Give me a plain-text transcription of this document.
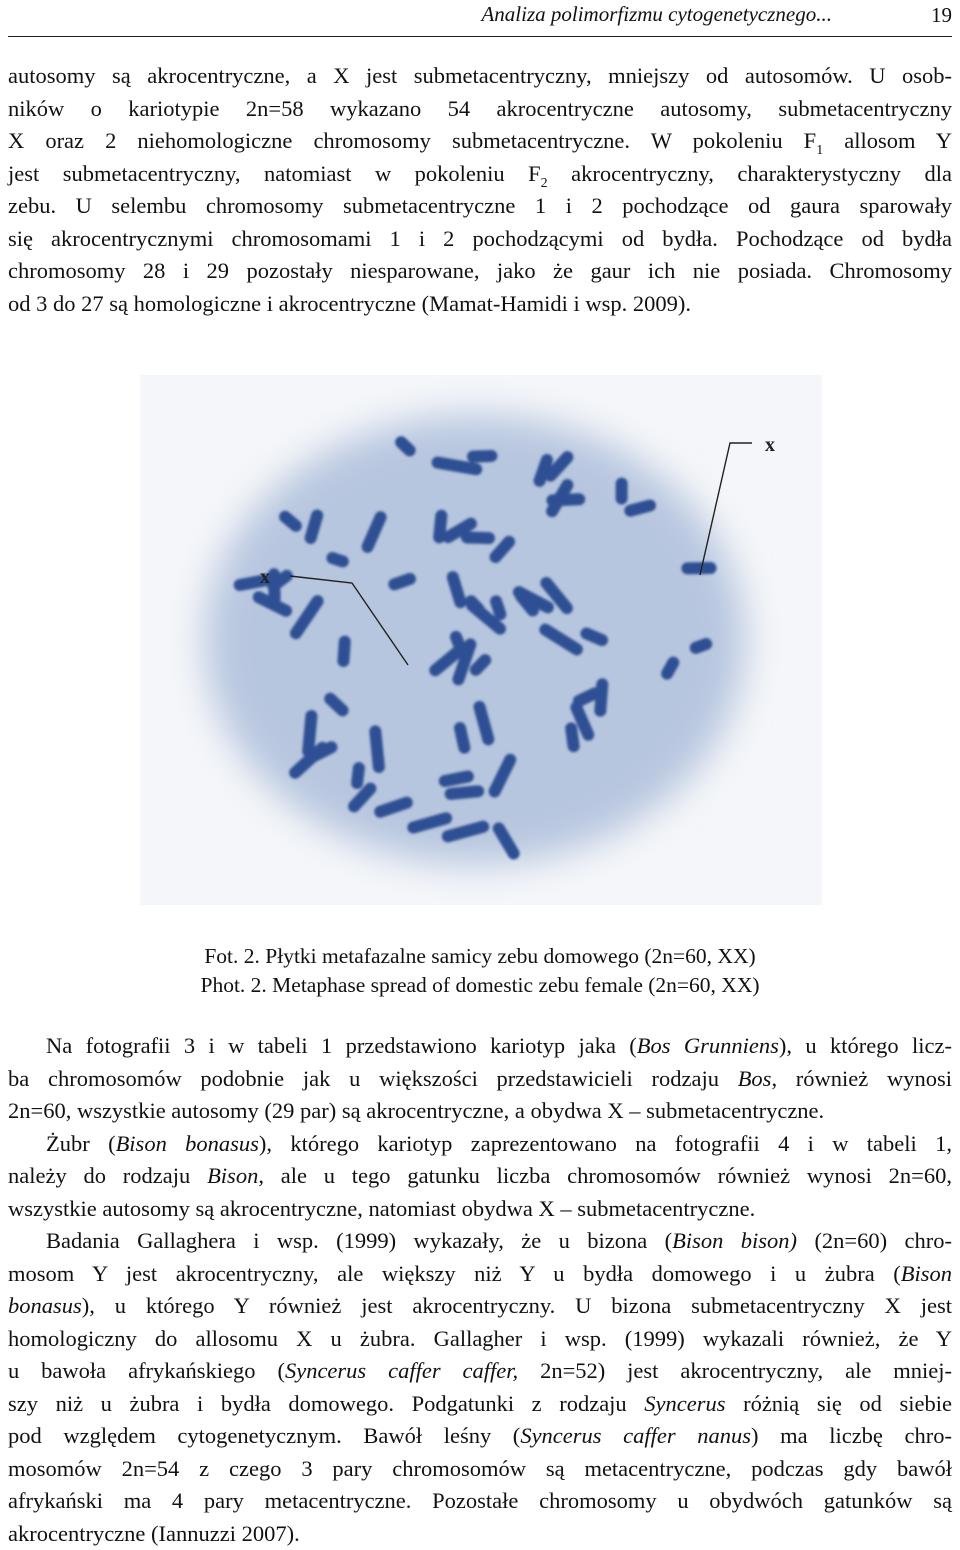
Analiza polimorfizmu cytogenetycznego...	19
autosomy są akrocentryczne, a X jest submetacentryczny, mniejszy od autosomów. U osob-
ników o kariotypie 2n=58 wykazano 54 akrocentryczne autosomy, submetacentryczny
X oraz 2 niehomologiczne chromosomy submetacentryczne. W pokoleniu $F_1$ allosom Y
jest submetacentryczny, natomiast w pokoleniu $F_2$ akrocentryczny, charakterystyczny dla
zebu. U selembu chromosomy submetacentryczne 1 i 2 pochodzące od gaura sparowały
się akrocentrycznymi chromosomami 1 i 2 pochodzącymi od bydła. Pochodzące od bydła
chromosomy 28 i 29 pozostały niesparowane, jako że gaur ich nie posiada. Chromosomy
od 3 do 27 są homologiczne i akrocentryczne (Mamat-Hamidi i wsp. 2009).
x
x
Fot. 2. Płytki metafazalne samicy zebu domowego (2n=60, XX)
Phot. 2. Metaphase spread of domestic zebu female (2n=60, XX)
Na fotografii 3 i w tabeli 1 przedstawiono kariotyp jaka (Bos Grunniens), u którego licz-
ba chromosomów podobnie jak u większości przedstawicieli rodzaju Bos, również wynosi
2n=60, wszystkie autosomy (29 par) są akrocentryczne, a obydwa X – submetacentryczne.
Żubr (Bison bonasus), którego kariotyp zaprezentowano na fotografii 4 i w tabeli 1,
należy do rodzaju Bison, ale u tego gatunku liczba chromosomów również wynosi 2n=60,
wszystkie autosomy są akrocentryczne, natomiast obydwa X – submetacentryczne.
Badania Gallaghera i wsp. (1999) wykazały, że u bizona (Bison bison) (2n=60) chro-
mosom Y jest akrocentryczny, ale większy niż Y u bydła domowego i u żubra (Bison
bonasus), u którego Y również jest akrocentryczny. U bizona submetacentryczny X jest
homologiczny do allosomu X u żubra. Gallagher i wsp. (1999) wykazali również, że Y
u bawoła afrykańskiego (Syncerus caffer caffer, 2n=52) jest akrocentryczny, ale mniej-
szy niż u żubra i bydła domowego. Podgatunki z rodzaju Syncerus różnią się od siebie
pod względem cytogenetycznym. Bawół leśny (Syncerus caffer nanus) ma liczbę chro-
mosomów 2n=54 z czego 3 pary chromosomów są metacentryczne, podczas gdy bawół
afrykański ma 4 pary metacentryczne. Pozostałe chromosomy u obydwóch gatunków są
akrocentryczne (Iannuzzi 2007).
